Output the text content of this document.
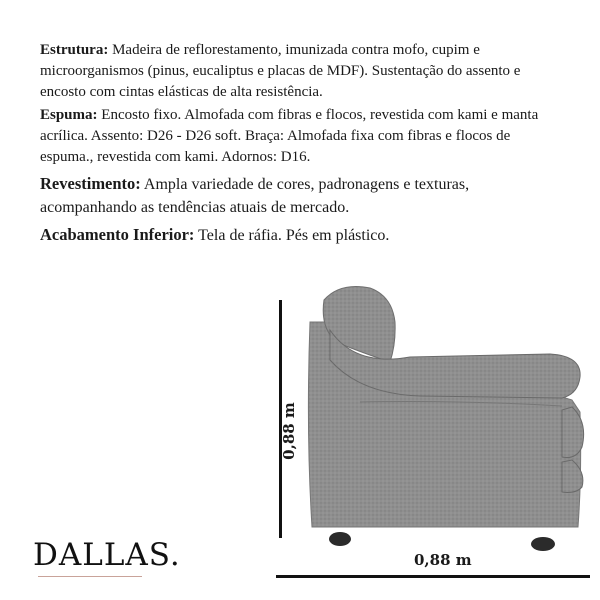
Estrutura: Madeira de reflorestamento, imunizada contra mofo, cupim e microorganismos (pinus, eucaliptus e placas de MDF). Sustentação do assento e encosto com cintas elásticas de alta resistência.

Espuma: Encosto fixo. Almofada com fibras e flocos, revestida com kami e manta acrílica. Assento: D26 - D26 soft. Braça: Almofada fixa com fibras e flocos de espuma., revestida com kami. Adornos: D16.

Revestimento: Ampla variedade de cores, padronagens e texturas, acompanhando as tendências atuais de mercado.

Acabamento Inferior: Tela de ráfia. Pés em plástico.

0,88 m
0,88 m
DALLAS.
